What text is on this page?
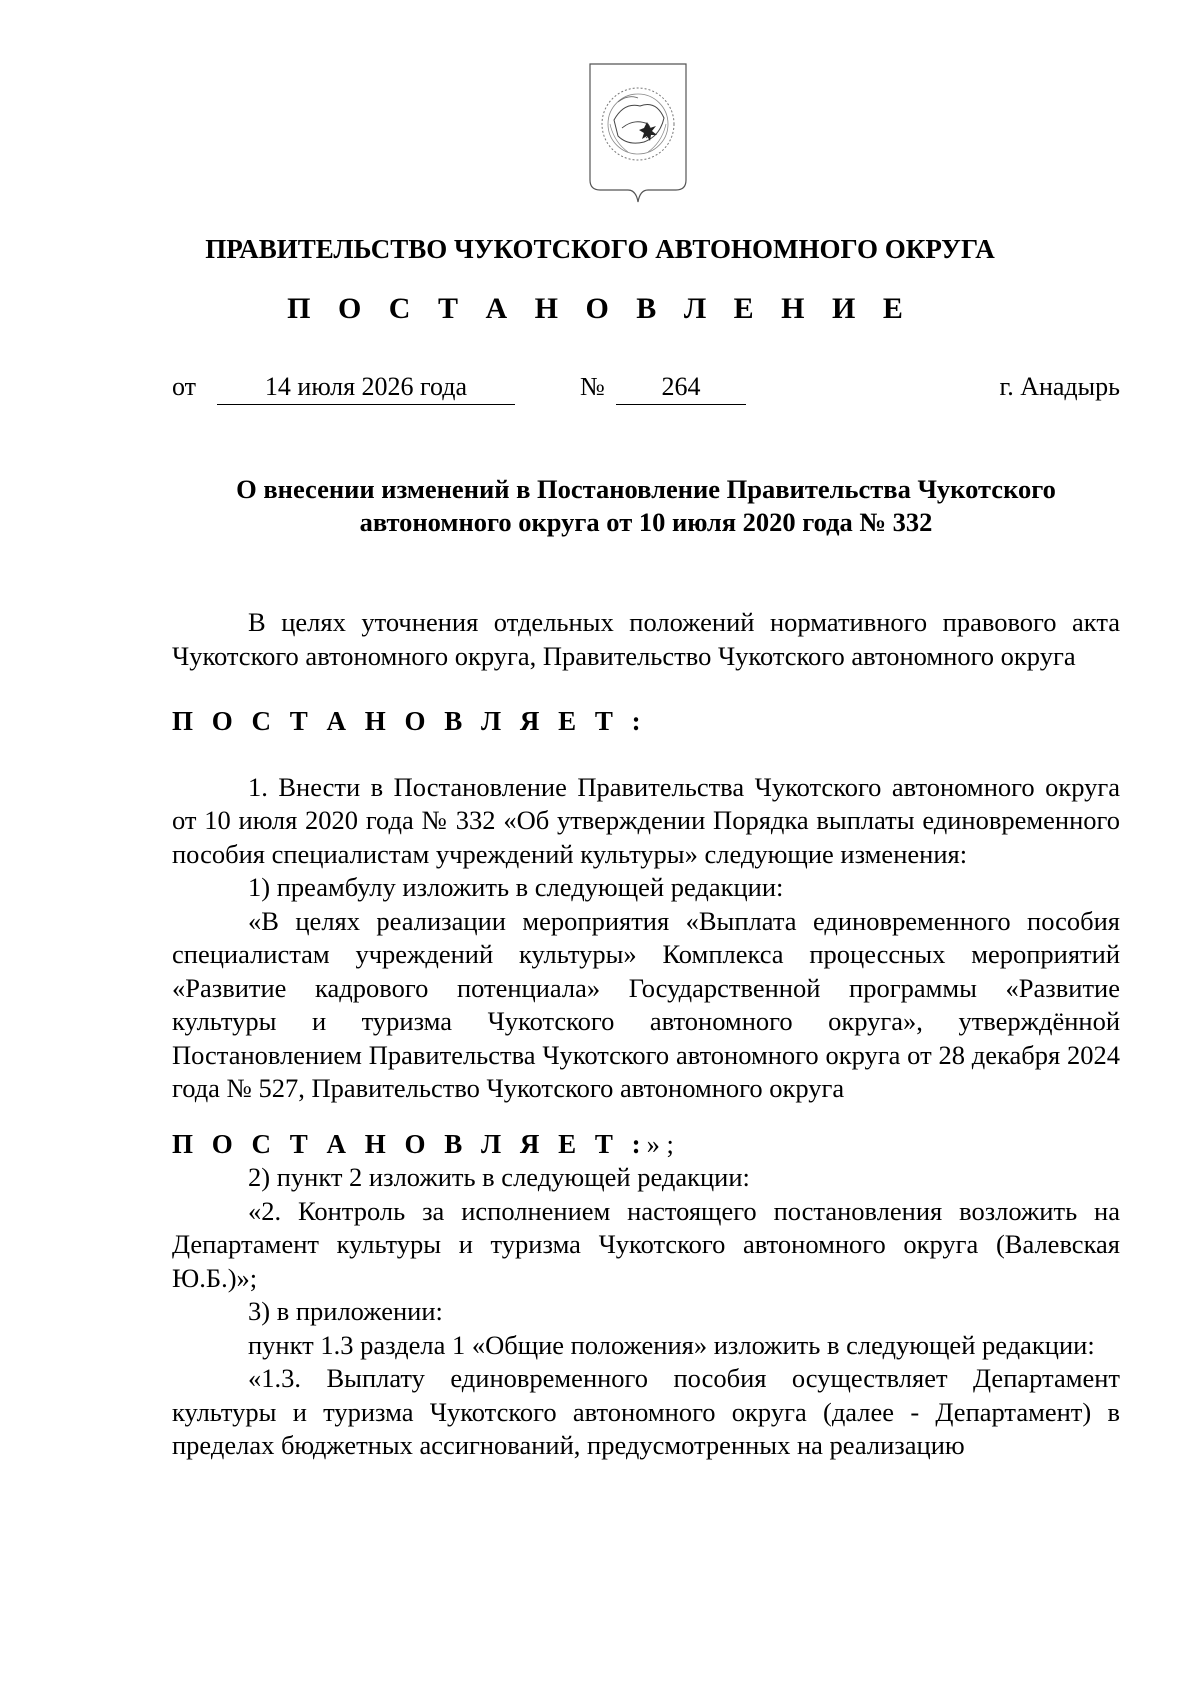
ПРАВИТЕЛЬСТВО ЧУКОТСКОГО АВТОНОМНОГО ОКРУГА
П О С Т А Н О В Л Е Н И Е
от	14 июля 2026 года	№	264	г. Анадырь
О внесении изменений в Постановление Правительства Чукотского
автономного округа от 10 июля 2020 года № 332

В целях уточнения отдельных положений нормативного правового акта Чукотского автономного округа, Правительство Чукотского автономного округа

П О С Т А Н О В Л Я Е Т :

1. Внести в Постановление Правительства Чукотского автономного округа от 10 июля 2020 года № 332 «Об утверждении Порядка выплаты единовременного пособия специалистам учреждений культуры» следующие изменения:

1) преамбулу изложить в следующей редакции:

«В целях реализации мероприятия «Выплата единовременного пособия специалистам учреждений культуры» Комплекса процессных мероприятий «Развитие кадрового потенциала» Государственной программы «Развитие культуры и туризма Чукотского автономного округа», утверждённой Постановлением Правительства Чукотского автономного округа от 28 декабря 2024 года № 527, Правительство Чукотского автономного округа

П О С Т А Н О В Л Я Е Т :» ;

2) пункт 2 изложить в следующей редакции:

«2. Контроль за исполнением настоящего постановления возложить на Департамент культуры и туризма Чукотского автономного округа (Валевская Ю.Б.)»;

3) в приложении:

пункт 1.3 раздела 1 «Общие положения» изложить в следующей редакции:

«1.3. Выплату единовременного пособия осуществляет Департамент культуры и туризма Чукотского автономного округа (далее - Департамент) в пределах бюджетных ассигнований, предусмотренных на реализацию
